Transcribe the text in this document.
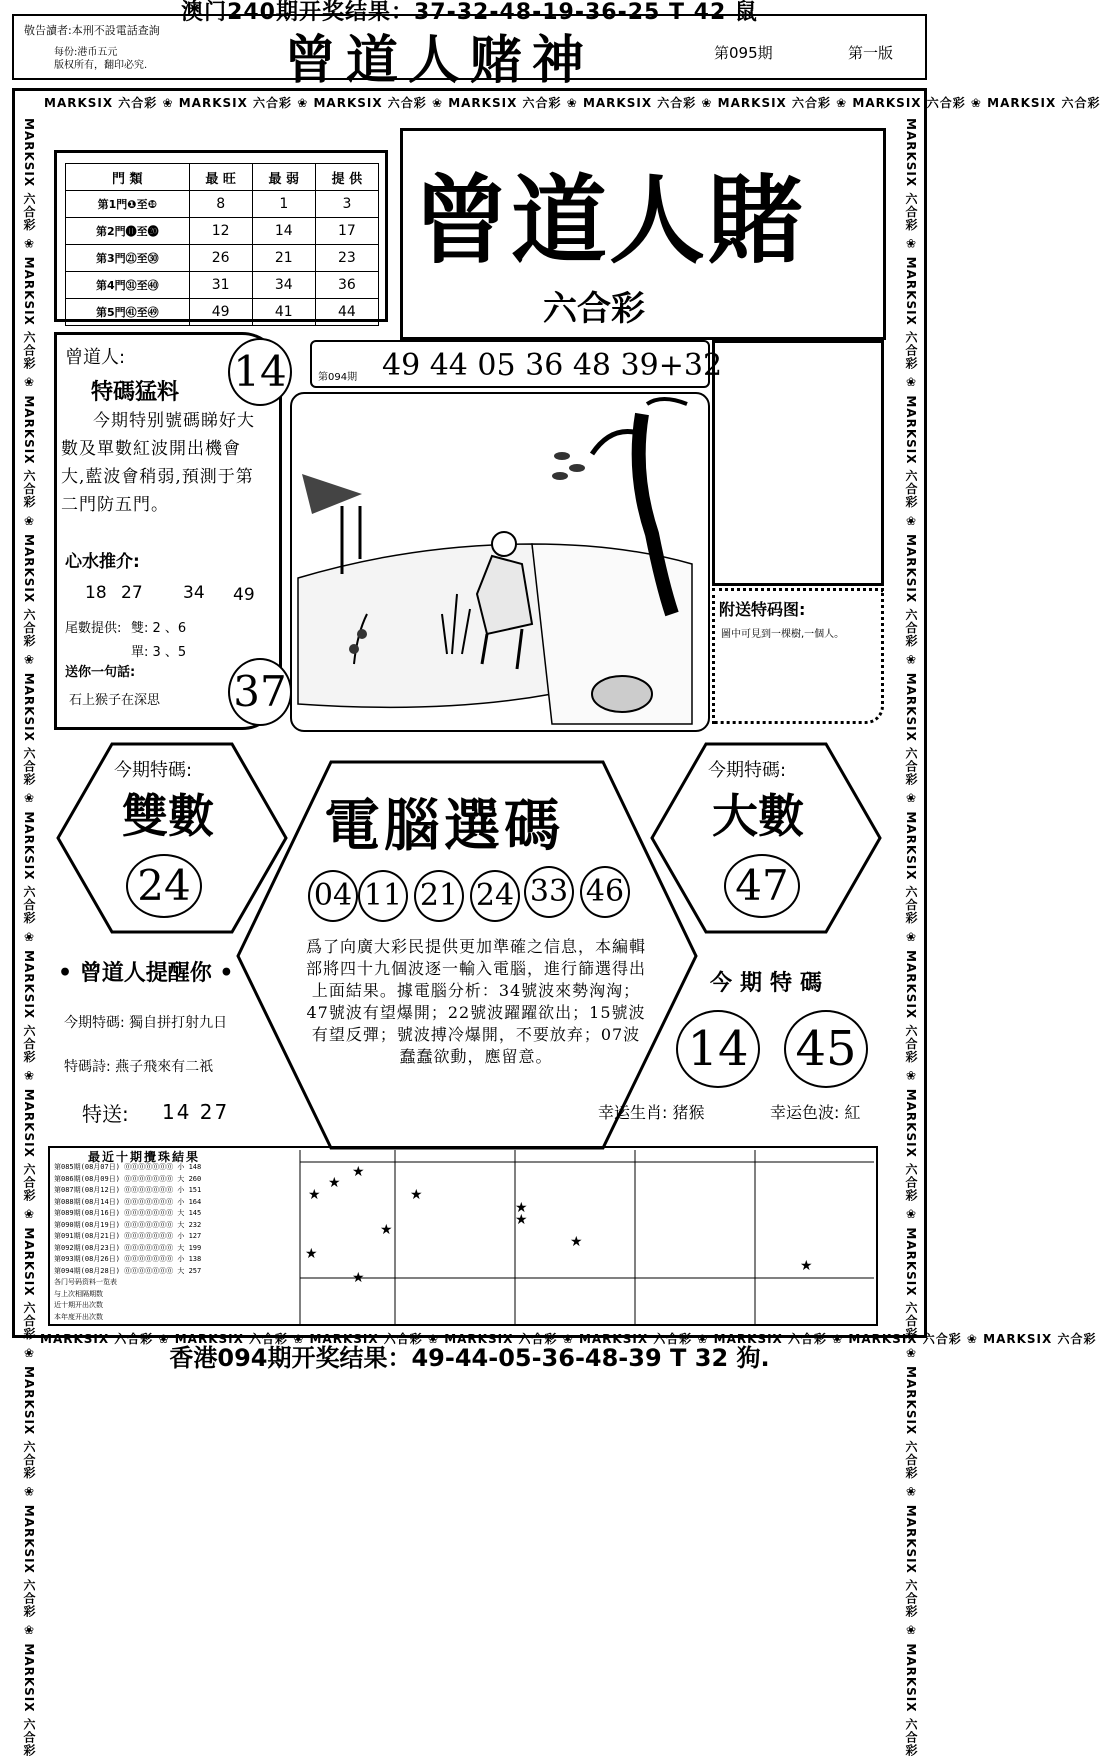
澳门240期开奖结果：37-32-48-19-36-25 T 42 鼠
敬告讀者:本刑不設電話查詢
每份:港币五元
版权所有，翻印必究.	曾道人赌神	第095期	第一版
MARKSIX 六合彩 ❀ MARKSIX 六合彩 ❀ MARKSIX 六合彩 ❀ MARKSIX 六合彩 ❀ MARKSIX 六合彩 ❀ MARKSIX 六合彩 ❀ MARKSIX 六合彩 ❀ MARKSIX 六合彩
MARKSIX 六合彩 ❀ MARKSIX 六合彩 ❀ MARKSIX 六合彩 ❀ MARKSIX 六合彩 ❀ MARKSIX 六合彩 ❀ MARKSIX 六合彩 ❀ MARKSIX 六合彩 ❀ MARKSIX 六合彩
MARKSIX 六合彩 ❀ MARKSIX 六合彩 ❀ MARKSIX 六合彩 ❀ MARKSIX 六合彩 ❀ MARKSIX 六合彩 ❀ MARKSIX 六合彩 ❀ MARKSIX 六合彩 ❀ MARKSIX 六合彩 ❀ MARKSIX 六合彩 ❀ MARKSIX 六合彩 ❀ MARKSIX 六合彩 ❀ MARKSIX 六合彩
MARKSIX 六合彩 ❀ MARKSIX 六合彩 ❀ MARKSIX 六合彩 ❀ MARKSIX 六合彩 ❀ MARKSIX 六合彩 ❀ MARKSIX 六合彩 ❀ MARKSIX 六合彩 ❀ MARKSIX 六合彩 ❀ MARKSIX 六合彩 ❀ MARKSIX 六合彩 ❀ MARKSIX 六合彩 ❀ MARKSIX 六合彩
門 類	最 旺	最 弱	提 供
第1門❶至❿	8	1	3
第2門⓫至⓴	12	14	17
第3門㉑至㉚	26	21	23
第4門㉛至㊵	31	34	36
第5門㊶至㊾	49	41	44
曾道人賭
六合彩
第094期 49 44 05 36 48 39+32
曾道人:
特碼猛料
今期特别號碼睇好大數及單數紅波開出機會大,藍波會稍弱,預測于第二門防五門。
心水推介:
18 27 34 49
尾數提供: 雙: 2 、6
單: 3 、5
送你一句話:
石上猴子在深思
14
37
附送特码图:
圖中可見到一棵樹,一個人。
今期特碼:
雙數
24
今期特碼:
大數
47
電腦選碼
04 11 21 24 33 46
爲了向廣大彩民提供更加準確之信息，本編輯部將四十九個波逐一輸入電腦，進行篩選得出上面結果。據電腦分析：34號波來勢洶洶；47號波有望爆開；22號波躍躍欲出；15號波有望反彈；號波搏冷爆開，不要放弃；07波蠢蠢欲動，應留意。
• 曾道人提醒你 •
今期特碼: 獨自拼打射九日
特碼詩: 燕子飛來有二祇
特送: 14 27
今期特碼
14 45
幸运生肖: 猪猴	幸运色波: 紅
最近十期攪珠結果
第085期(08月07日) ⓪⓪⓪⓪⓪⓪⓪ 小 148
第086期(08月09日) ⓪⓪⓪⓪⓪⓪⓪ 大 260
第087期(08月12日) ⓪⓪⓪⓪⓪⓪⓪ 小 151
第088期(08月14日) ⓪⓪⓪⓪⓪⓪⓪ 小 164
第089期(08月16日) ⓪⓪⓪⓪⓪⓪⓪ 大 145
第090期(08月19日) ⓪⓪⓪⓪⓪⓪⓪ 大 232
第091期(08月21日) ⓪⓪⓪⓪⓪⓪⓪ 小 127
第092期(08月23日) ⓪⓪⓪⓪⓪⓪⓪ 大 199
第093期(08月26日) ⓪⓪⓪⓪⓪⓪⓪ 小 138
第094期(08月28日) ⓪⓪⓪⓪⓪⓪⓪ 大 257
各门号码资料一览表
与上次相隔期数
近十期开出次数
本年度开出次数
★
★
★	★
★
★
★
★
★
★
★
香港094期开奖结果：49-44-05-36-48-39 T 32 狗.
